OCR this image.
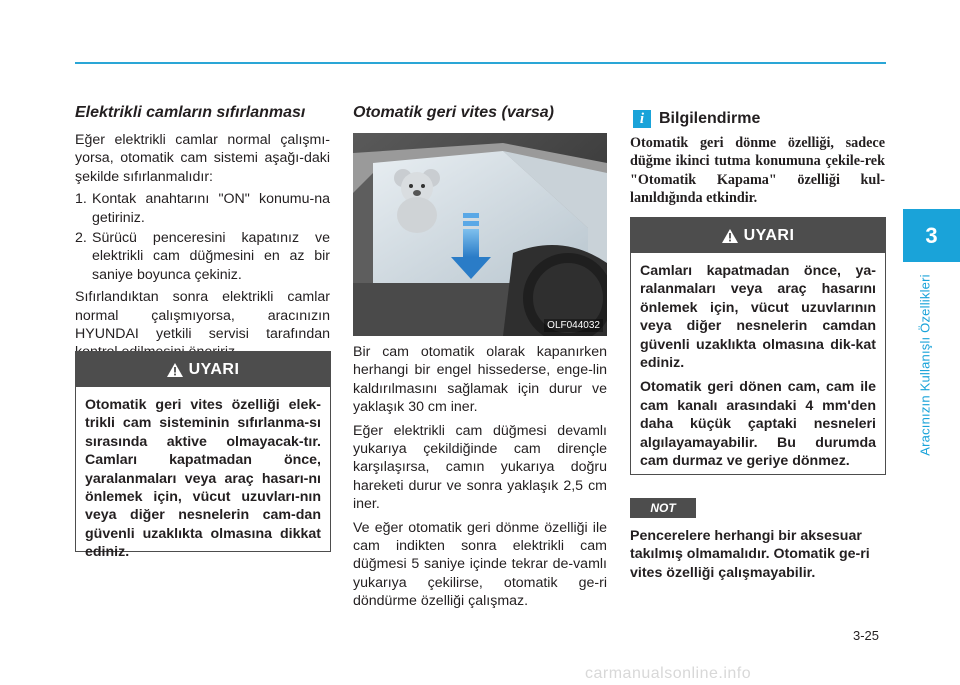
3
Aracınızın Kullanışlı Özellikleri
Elektrikli camların sıfırlanması

Eğer elektrikli camlar normal çalışmı-yorsa, otomatik cam sistemi aşağı-daki şekilde sıfırlanmalıdır:

1. Kontak anahtarını "ON" konumu-na getiriniz.
2. Sürücü penceresini kapatınız ve elektrikli cam düğmesini en az bir saniye boyunca çekiniz.

Sıfırlandıktan sonra elektrikli camlar normal çalışmıyorsa, aracınızın HYUNDAI yetkili servisi tarafından

UYARI

Otomatik geri vites özelliği elek-trikli cam sisteminin sıfırlanma-sı sırasında aktive olmayacak-tır. Camları kapatmadan önce, yaralanmaları veya araç hasarı-nı önlemek için, vücut uzuvları-nın veya diğer nesnelerin cam-dan güvenli uzaklıkta olmasına dikkat ediniz.

Otomatik geri vites (varsa)
OLF044032

Bir cam otomatik olarak kapanırken herhangi bir engel hissederse, enge-lin kaldırılmasını sağlamak için durur ve yaklaşık 30 cm iner.

Eğer elektrikli cam düğmesi devamlı yukarıya çekildiğinde cam dirençle karşılaşırsa, camın yukarıya doğru hareketi durur ve sonra yaklaşık 2,5 cm iner.

Ve eğer otomatik geri dönme özelliği ile cam indikten sonra elektrikli cam düğmesi 5 saniye içinde tekrar de-vamlı yukarıya çekilirse, otomatik ge-ri döndürme özelliği çalışmaz.

i Bilgilendirme

Otomatik geri dönme özelliği, sadece düğme ikinci tutma konumuna çekile-rek "Otomatik Kapama" özelliği kul-lanıldığında etkindir.

UYARI

Camları kapatmadan önce, ya-ralanmaları veya araç hasarını önlemek için, vücut uzuvlarının veya diğer nesnelerin camdan güvenli uzaklıkta olmasına dik-kat ediniz.

Otomatik geri dönen cam, cam ile cam kanalı arasındaki 4 mm'den daha küçük çaptaki nesneleri algılayamayabilir. Bu durumda cam durmaz ve geriye dönmez.

NOT

Pencerelere herhangi bir aksesuar takılmış olmamalıdır. Otomatik ge-ri vites özelliği çalışmayabilir.

3-25
carmanualsonline.info
